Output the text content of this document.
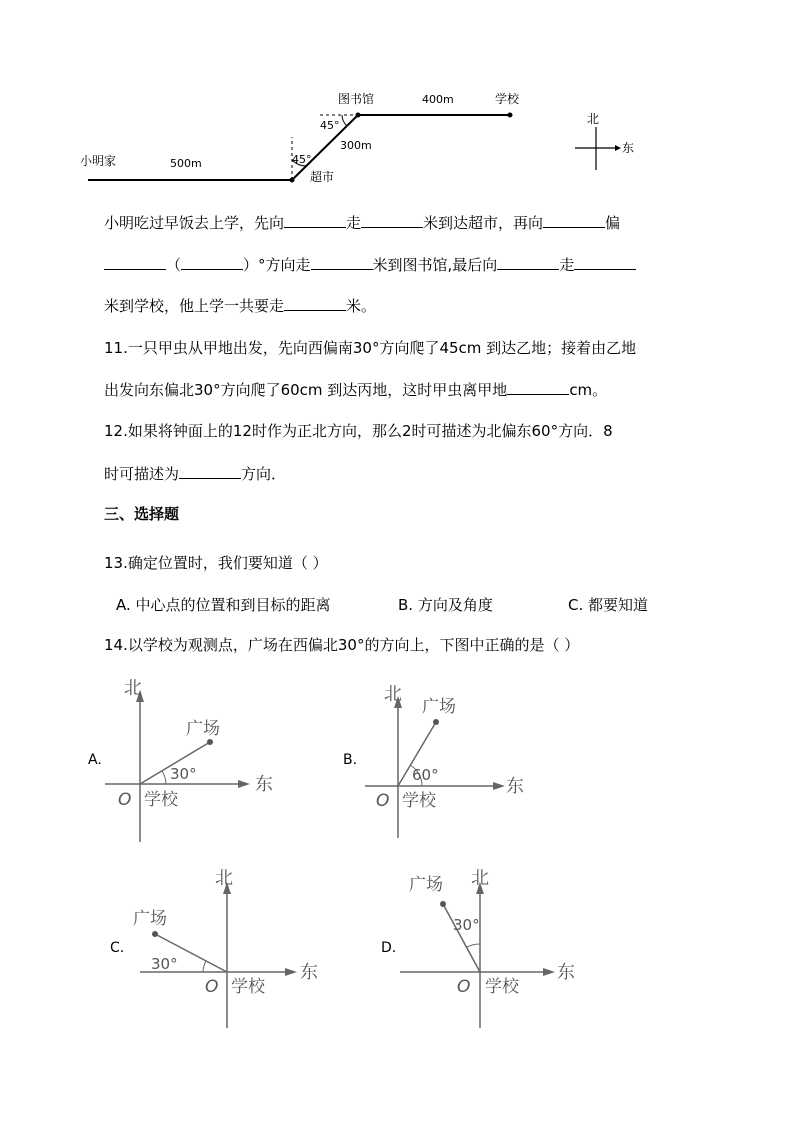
小明家	500m	45°
超市
300m
45°
图书馆	400m	学校
北
东
小明吃过早饭去上学，先向	走	米到达超市，再向	偏
（	）°方向走	米到图书馆,最后向	走
米到学校，他上学一共要走	米。
11.一只甲虫从甲地出发，先向西偏南30°方向爬了45cm 到达乙地；接着由乙地
出发向东偏北30°方向爬了60cm 到达丙地，这时甲虫离甲地	cm。
12.如果将钟面上的12时作为正北方向，那么2时可描述为北偏东60°方向．8
时可描述为	方向．
三、选择题
13.确定位置时，我们要知道（ ）
A. 中心点的位置和到目标的距离	B. 方向及角度	C. 都要知道
14.以学校为观测点，广场在西偏北30°的方向上，下图中正确的是（ ）
A.
北
东
O 学校
广场
30°
B.
北
东
O 学校
广场
60°
C.
北
东
O 学校
广场
30°
D.
北
东
O 学校
广场
30°
